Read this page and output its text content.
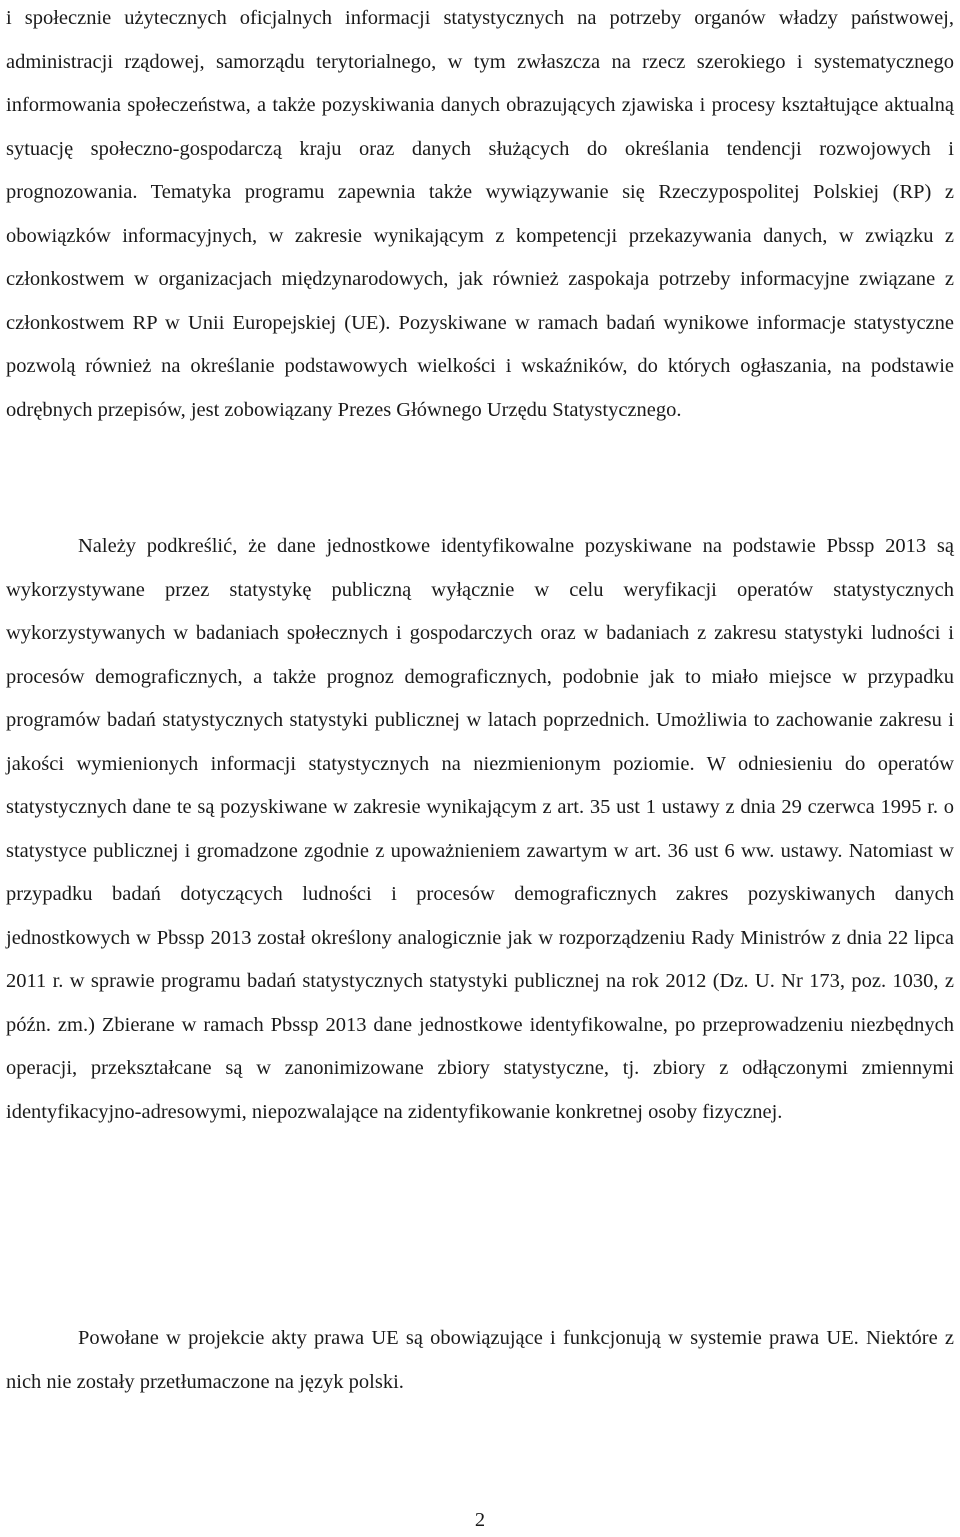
i społecznie użytecznych oficjalnych informacji statystycznych na potrzeby organów władzy państwowej, administracji rządowej, samorządu terytorialnego, w tym zwłaszcza na rzecz szerokiego i systematycznego informowania społeczeństwa, a także pozyskiwania danych obrazujących zjawiska i procesy kształtujące aktualną sytuację społeczno-gospodarczą kraju oraz danych służących do określania tendencji rozwojowych i prognozowania. Tematyka programu zapewnia także wywiązywanie się Rzeczypospolitej Polskiej (RP) z obowiązków informacyjnych, w zakresie wynikającym z kompetencji przekazywania danych, w związku z członkostwem w organizacjach międzynarodowych, jak również zaspokaja potrzeby informacyjne związane z członkostwem RP w Unii Europejskiej (UE). Pozyskiwane w ramach badań wynikowe informacje statystyczne pozwolą również na określanie podstawowych wielkości i wskaźników, do których ogłaszania, na podstawie odrębnych przepisów, jest zobowiązany Prezes Głównego Urzędu Statystycznego.

Należy podkreślić, że dane jednostkowe identyfikowalne pozyskiwane na podstawie Pbssp 2013 są wykorzystywane przez statystykę publiczną wyłącznie w celu weryfikacji operatów statystycznych wykorzystywanych w badaniach społecznych i gospodarczych oraz w badaniach z zakresu statystyki ludności i procesów demograficznych, a także prognoz demograficznych, podobnie jak to miało miejsce w przypadku programów badań statystycznych statystyki publicznej w latach poprzednich. Umożliwia to zachowanie zakresu i jakości wymienionych informacji statystycznych na niezmienionym poziomie. W odniesieniu do operatów statystycznych dane te są pozyskiwane w zakresie wynikającym z art. 35 ust 1 ustawy z dnia 29 czerwca 1995 r. o statystyce publicznej i gromadzone zgodnie z upoważnieniem zawartym w art. 36 ust 6 ww. ustawy. Natomiast w przypadku badań dotyczących ludności i procesów demograficznych zakres pozyskiwanych danych jednostkowych w Pbssp 2013 został określony analogicznie jak w rozporządzeniu Rady Ministrów z dnia 22 lipca 2011 r. w sprawie programu badań statystycznych statystyki publicznej na rok 2012 (Dz. U. Nr 173, poz. 1030, z późn. zm.) Zbierane w ramach Pbssp 2013 dane jednostkowe identyfikowalne, po przeprowadzeniu niezbędnych operacji, przekształcane są w zanonimizowane zbiory statystyczne, tj. zbiory z odłączonymi zmiennymi identyfikacyjno-adresowymi, niepozwalające na zidentyfikowanie konkretnej osoby fizycznej.

Powołane w projekcie akty prawa UE są obowiązujące i funkcjonują w systemie prawa UE. Niektóre z nich nie zostały przetłumaczone na język polski.

2
